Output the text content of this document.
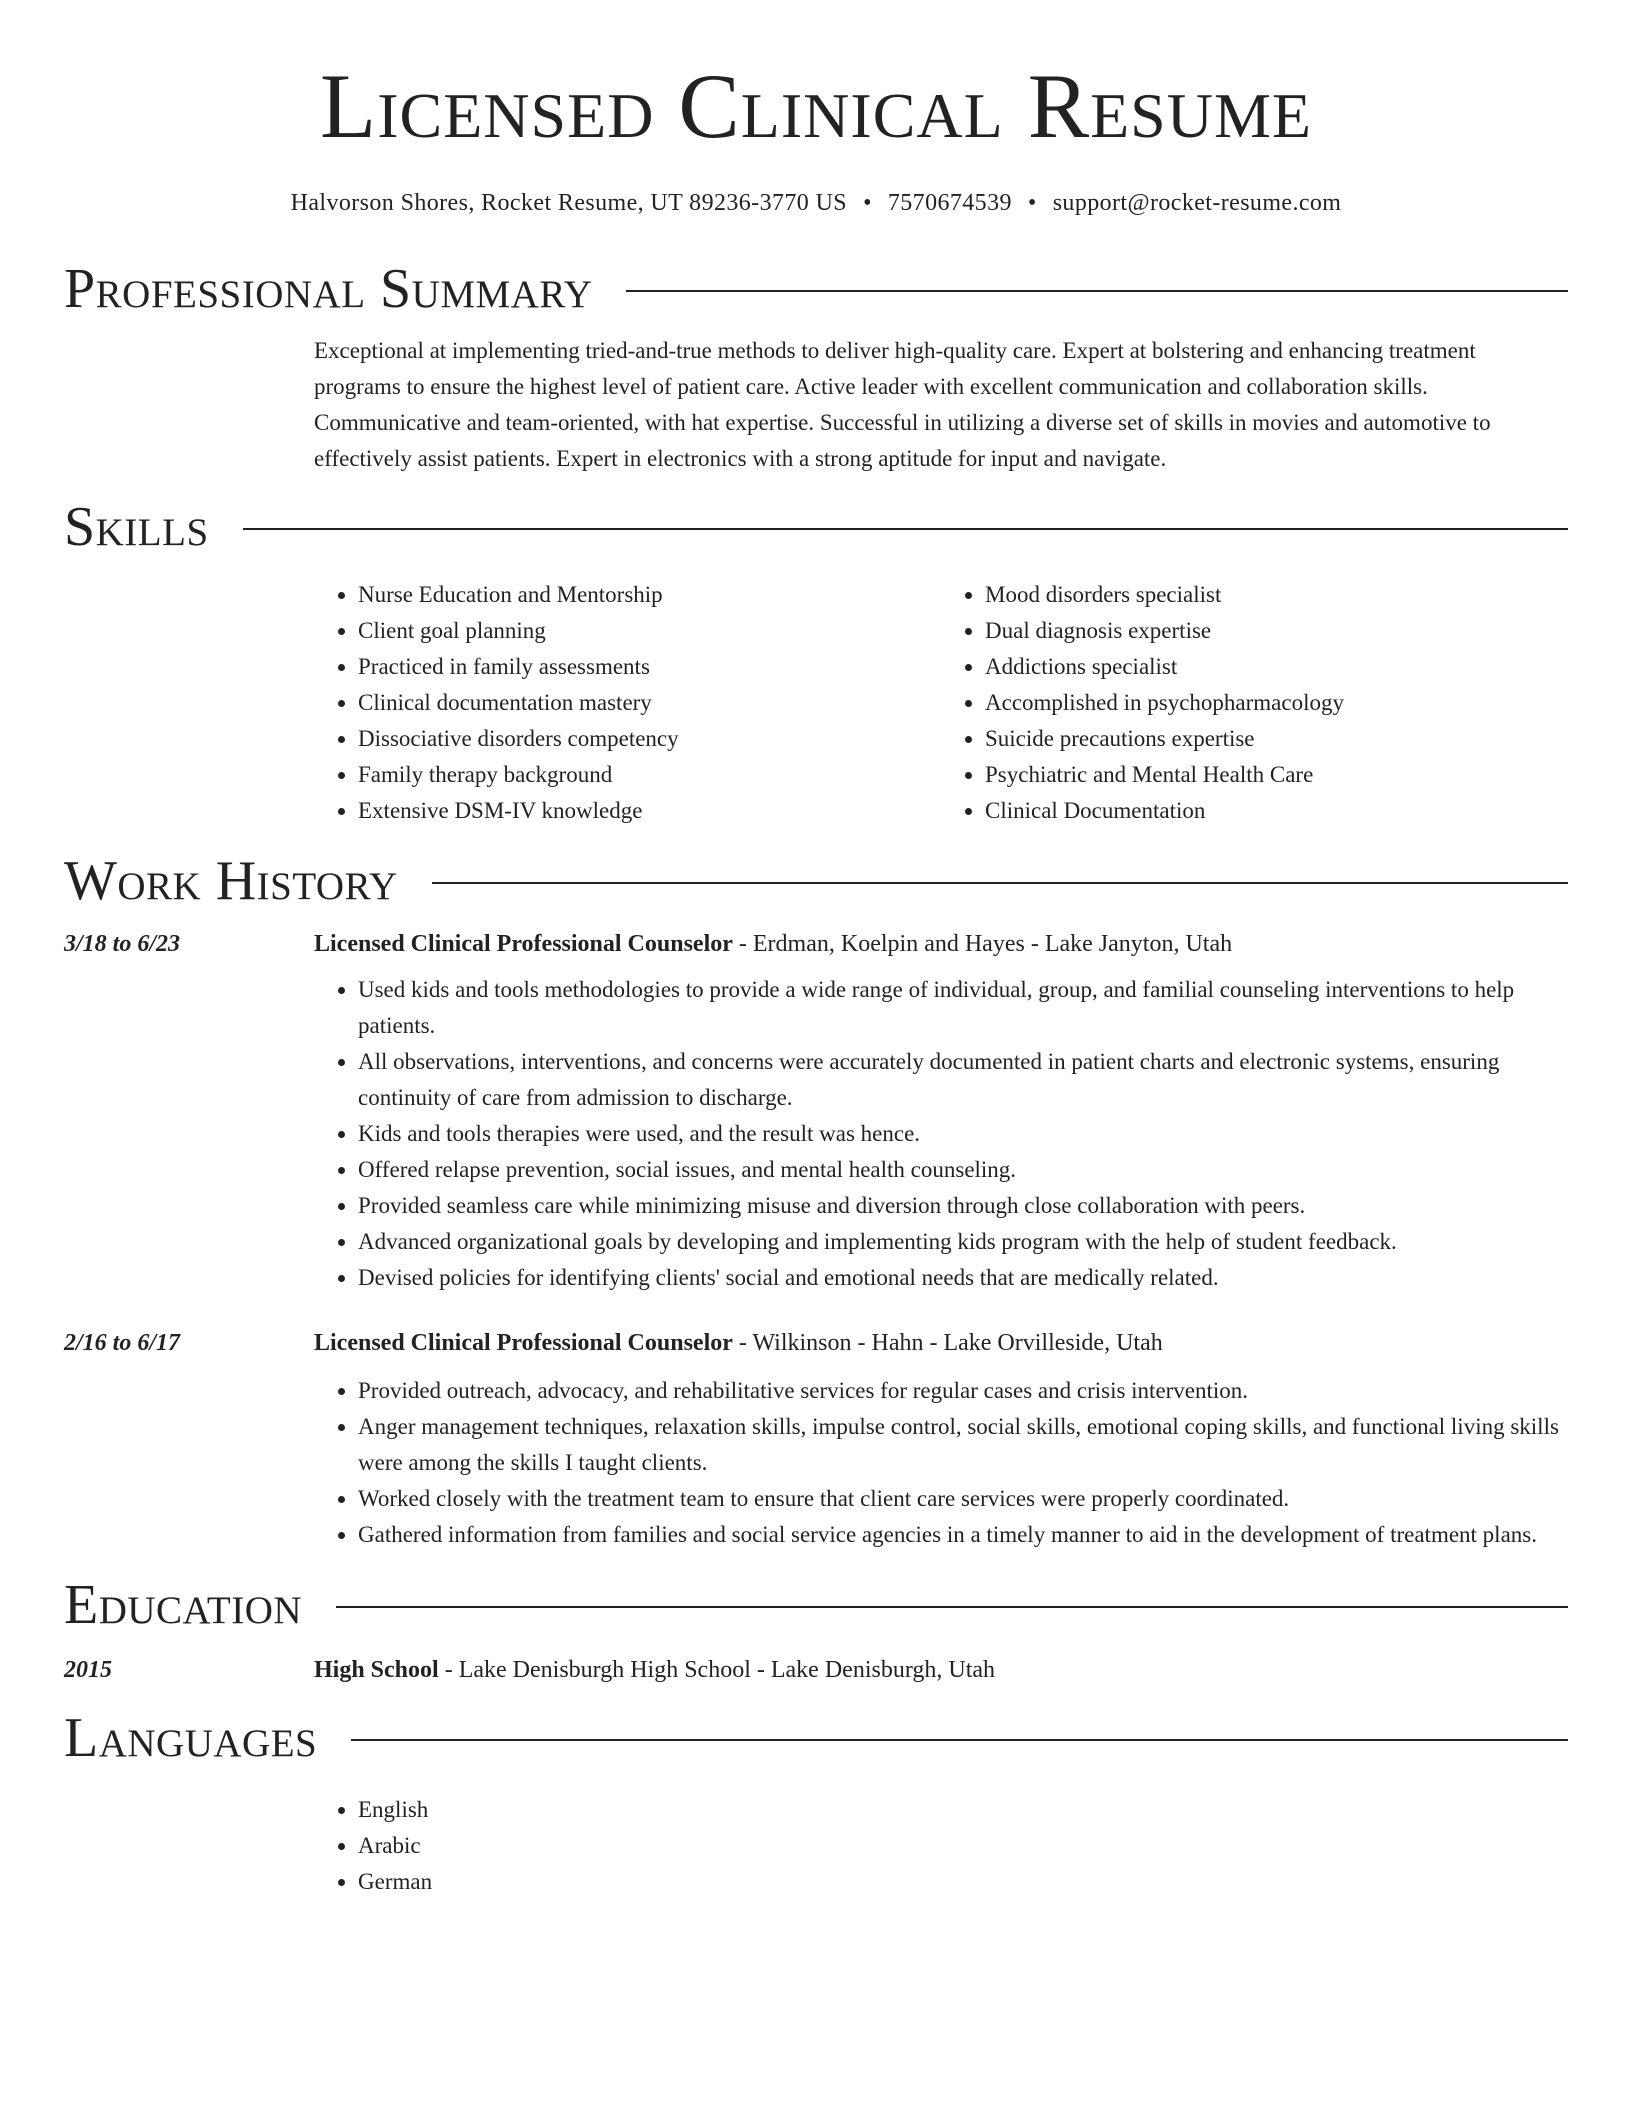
Licensed Clinical Resume
Halvorson Shores, Rocket Resume, UT 89236-3770 US • 7570674539 • support@rocket-resume.com
Professional Summary
Exceptional at implementing tried-and-true methods to deliver high-quality care. Expert at bolstering and enhancing treatment programs to ensure the highest level of patient care. Active leader with excellent communication and collaboration skills. Communicative and team-oriented, with hat expertise. Successful in utilizing a diverse set of skills in movies and automotive to effectively assist patients. Expert in electronics with a strong aptitude for input and navigate.
Skills
• Nurse Education and Mentorship
• Client goal planning
• Practiced in family assessments
• Clinical documentation mastery
• Dissociative disorders competency
• Family therapy background
• Extensive DSM-IV knowledge
• Mood disorders specialist
• Dual diagnosis expertise
• Addictions specialist
• Accomplished in psychopharmacology
• Suicide precautions expertise
• Psychiatric and Mental Health Care
• Clinical Documentation
Work History
3/18 to 6/23	Licensed Clinical Professional Counselor - Erdman, Koelpin and Hayes - Lake Janyton, Utah
• Used kids and tools methodologies to provide a wide range of individual, group, and familial counseling interventions to help patients.
• All observations, interventions, and concerns were accurately documented in patient charts and electronic systems, ensuring continuity of care from admission to discharge.
• Kids and tools therapies were used, and the result was hence.
• Offered relapse prevention, social issues, and mental health counseling.
• Provided seamless care while minimizing misuse and diversion through close collaboration with peers.
• Advanced organizational goals by developing and implementing kids program with the help of student feedback.
• Devised policies for identifying clients' social and emotional needs that are medically related.
2/16 to 6/17	Licensed Clinical Professional Counselor - Wilkinson - Hahn - Lake Orvilleside, Utah
• Provided outreach, advocacy, and rehabilitative services for regular cases and crisis intervention.
• Anger management techniques, relaxation skills, impulse control, social skills, emotional coping skills, and functional living skills were among the skills I taught clients.
• Worked closely with the treatment team to ensure that client care services were properly coordinated.
• Gathered information from families and social service agencies in a timely manner to aid in the development of treatment plans.
Education
2015	High School - Lake Denisburgh High School - Lake Denisburgh, Utah
Languages
• English
• Arabic
• German
